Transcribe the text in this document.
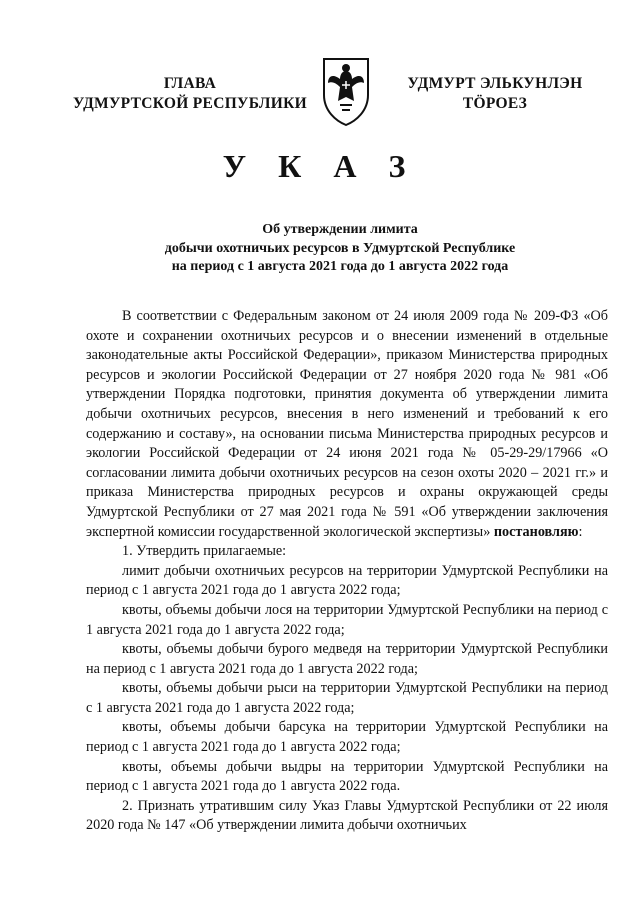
ГЛАВА
УДМУРТСКОЙ РЕСПУБЛИКИ
УДМУРТ ЭЛЬКУНЛЭН
ТӦРОЕЗ
У К А З
Об утверждении лимита
добычи охотничьих ресурсов в Удмуртской Республике
на период с 1 августа 2021 года до 1 августа 2022 года

В соответствии с Федеральным законом от 24 июля 2009 года № 209-ФЗ «Об охоте и сохранении охотничьих ресурсов и о внесении изменений в отдельные законодательные акты Российской Федерации», приказом Министерства природных ресурсов и экологии Российской Федерации от 27 ноября 2020 года № 981 «Об утверждении Порядка подготовки, принятия документа об утверждении лимита добычи охотничьих ресурсов, внесения в него изменений и требований к его содержанию и составу», на основании письма Министерства природных ресурсов и экологии Российской Федерации от 24 июня 2021 года № 05-29-29/17966 «О согласовании лимита добычи охотничьих ресурсов на сезон охоты 2020 – 2021 гг.» и приказа Министерства природных ресурсов и охраны окружающей среды Удмуртской Республики от 27 мая 2021 года № 591 «Об утверждении заключения экспертной комиссии государственной экологической экспертизы» постановляю:

1. Утвердить прилагаемые:

лимит добычи охотничьих ресурсов на территории Удмуртской Республики на период с 1 августа 2021 года до 1 августа 2022 года;

квоты, объемы добычи лося на территории Удмуртской Республики на период с 1 августа 2021 года до 1 августа 2022 года;

квоты, объемы добычи бурого медведя на территории Удмуртской Республики на период с 1 августа 2021 года до 1 августа 2022 года;

квоты, объемы добычи рыси на территории Удмуртской Республики на период с 1 августа 2021 года до 1 августа 2022 года;

квоты, объемы добычи барсука на территории Удмуртской Республики на период с 1 августа 2021 года до 1 августа 2022 года;

квоты, объемы добычи выдры на территории Удмуртской Республики на период с 1 августа 2021 года до 1 августа 2022 года.

2. Признать утратившим силу Указ Главы Удмуртской Республики от 22 июля 2020 года № 147 «Об утверждении лимита добычи охотничьих
